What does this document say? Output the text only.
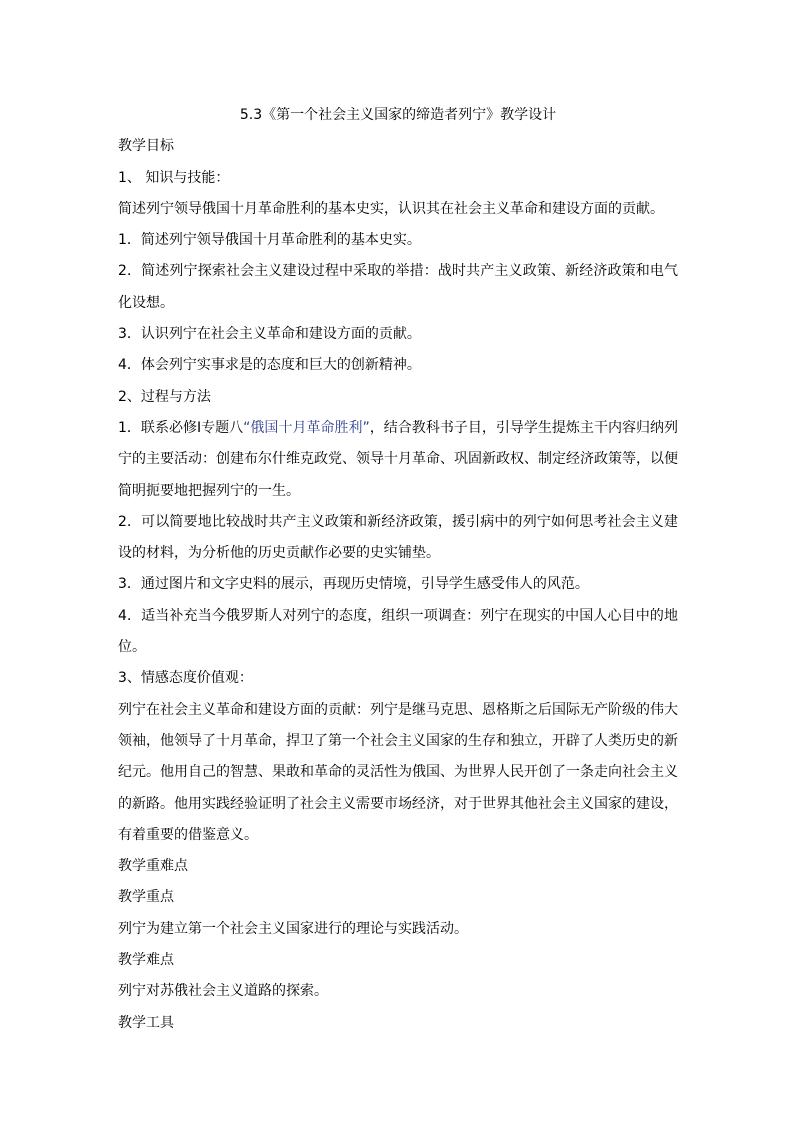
5.3《第一个社会主义国家的缔造者列宁》教学设计

教学目标

1、 知识与技能：

简述列宁领导俄国十月革命胜利的基本史实，认识其在社会主义革命和建设方面的贡献。

1．简述列宁领导俄国十月革命胜利的基本史实。

2．简述列宁探索社会主义建设过程中采取的举措：战时共产主义政策、新经济政策和电气化设想。

3．认识列宁在社会主义革命和建设方面的贡献。

4．体会列宁实事求是的态度和巨大的创新精神。

2、过程与方法

1．联系必修Ⅰ专题八“俄国十月革命胜利”，结合教科书子目，引导学生提炼主干内容归纳列宁的主要活动：创建布尔什维克政党、领导十月革命、巩固新政权、制定经济政策等，以便简明扼要地把握列宁的一生。

2．可以简要地比较战时共产主义政策和新经济政策，援引病中的列宁如何思考社会主义建设的材料，为分析他的历史贡献作必要的史实铺垫。

3．通过图片和文字史料的展示，再现历史情境，引导学生感受伟人的风范。

4．适当补充当今俄罗斯人对列宁的态度，组织一项调查：列宁在现实的中国人心目中的地位。

3、情感态度价值观：

列宁在社会主义革命和建设方面的贡献：列宁是继马克思、恩格斯之后国际无产阶级的伟大领袖，他领导了十月革命，捍卫了第一个社会主义国家的生存和独立，开辟了人类历史的新纪元。他用自己的智慧、果敢和革命的灵活性为俄国、为世界人民开创了一条走向社会主义的新路。他用实践经验证明了社会主义需要市场经济，对于世界其他社会主义国家的建设，有着重要的借鉴意义。

教学重难点

教学重点

列宁为建立第一个社会主义国家进行的理论与实践活动。

教学难点

列宁对苏俄社会主义道路的探索。

教学工具
